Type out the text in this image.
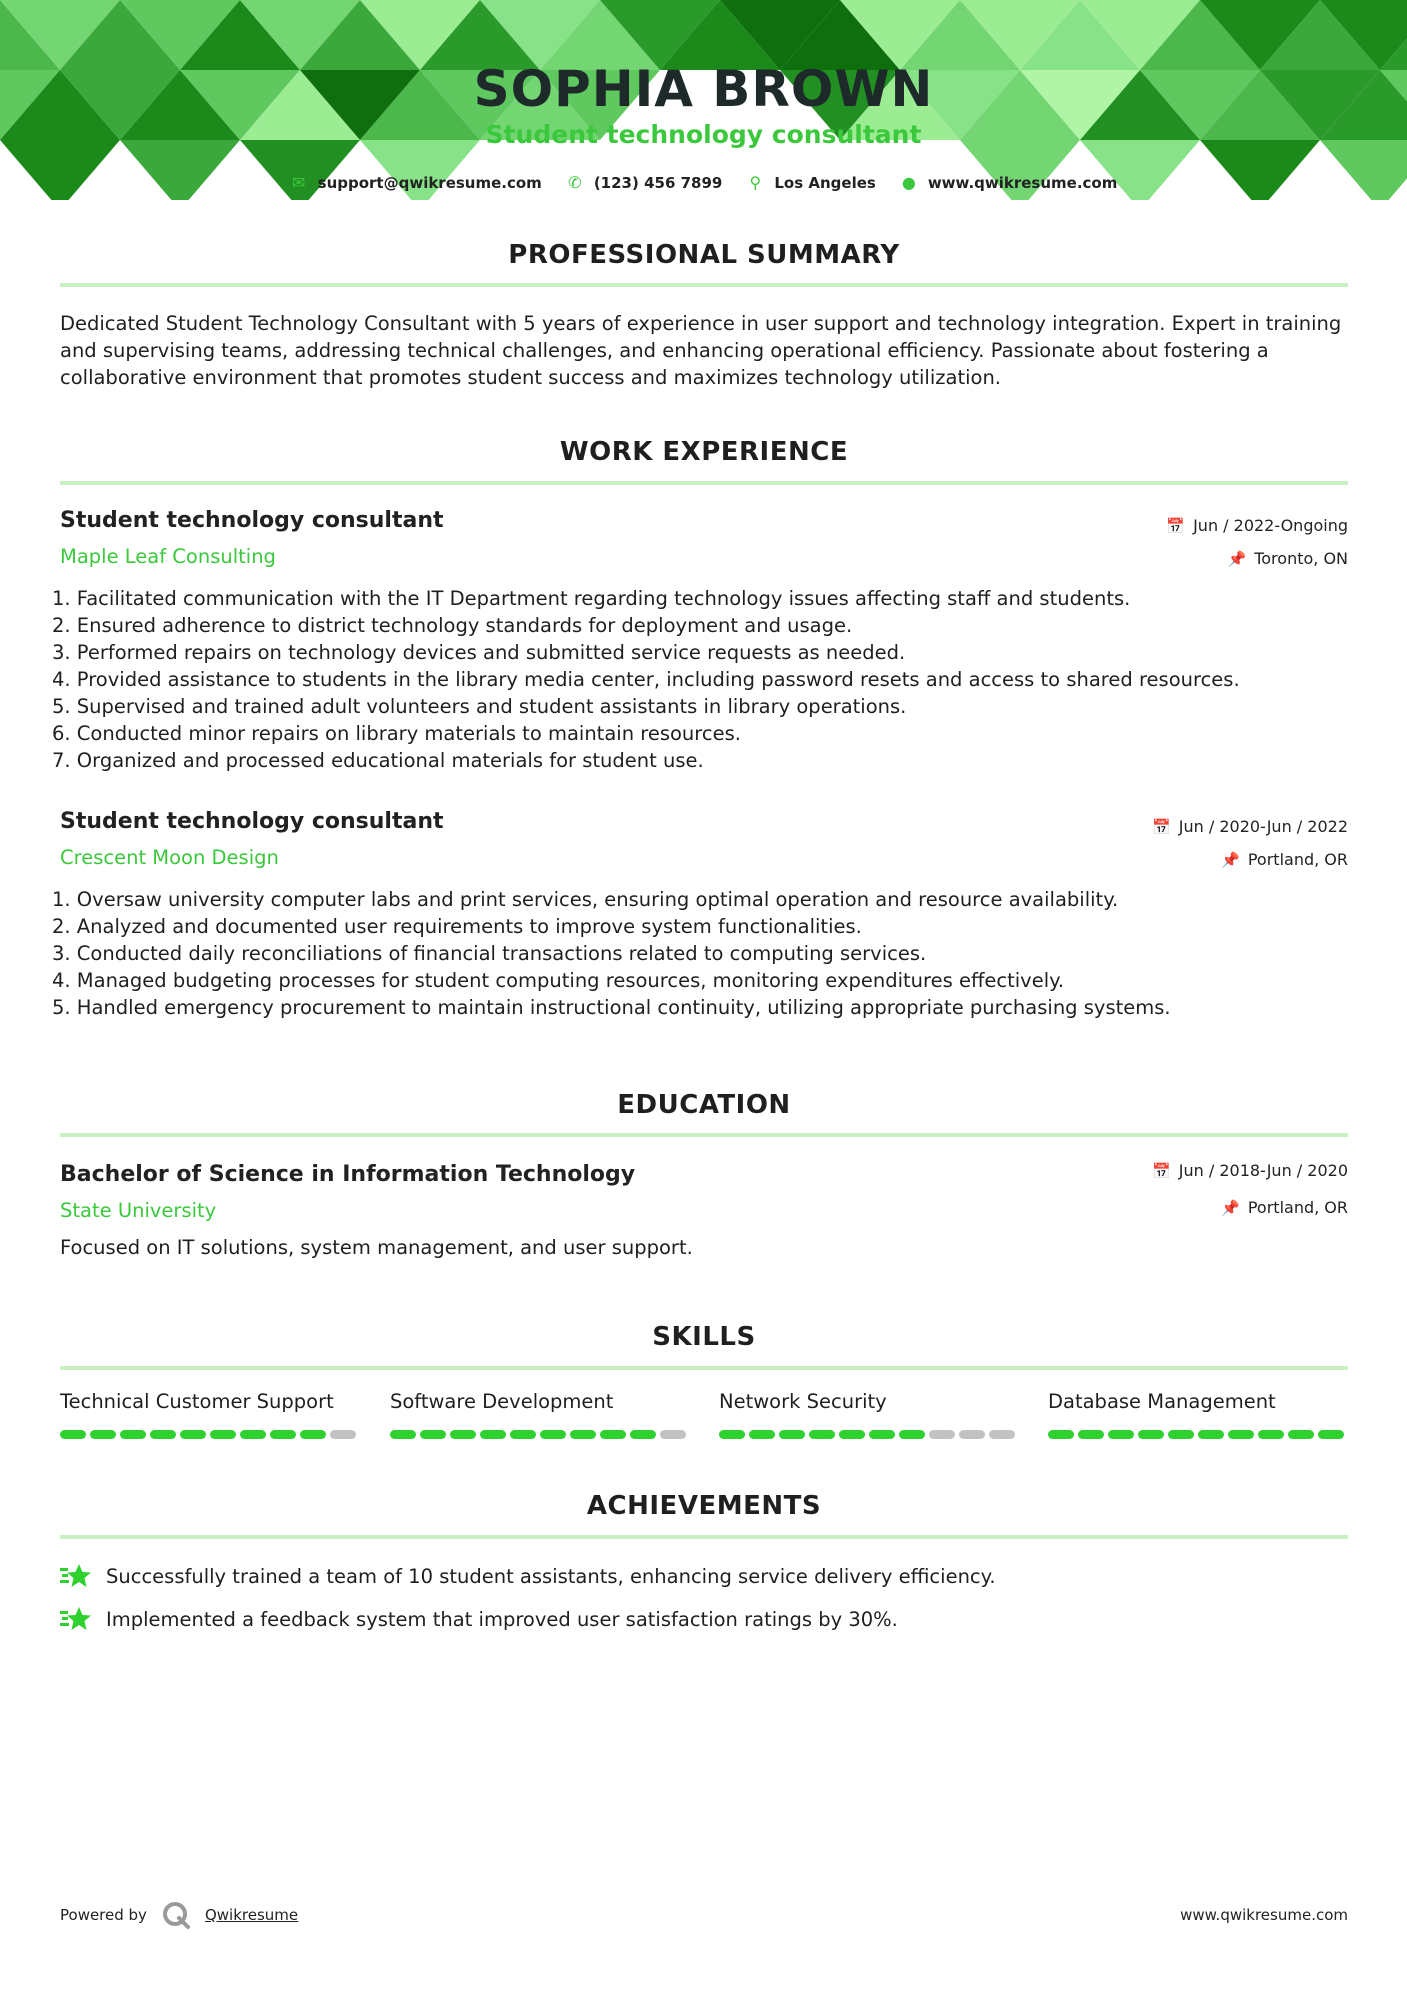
SOPHIA BROWN
Student technology consultant
✉ support@qwikresume.com ✆ (123) 456 7899 ⚲ Los Angeles ● www.qwikresume.com
PROFESSIONAL SUMMARY
Dedicated Student Technology Consultant with 5 years of experience in user support and technology integration. Expert in training and supervising teams, addressing technical challenges, and enhancing operational efficiency. Passionate about fostering a collaborative environment that promotes student success and maximizes technology utilization.
WORK EXPERIENCE
Student technology consultant	📅 Jun / 2022-Ongoing
Maple Leaf Consulting	📌 Toronto, ON
1. Facilitated communication with the IT Department regarding technology issues affecting staff and students.
2. Ensured adherence to district technology standards for deployment and usage.
3. Performed repairs on technology devices and submitted service requests as needed.
4. Provided assistance to students in the library media center, including password resets and access to shared resources.
5. Supervised and trained adult volunteers and student assistants in library operations.
6. Conducted minor repairs on library materials to maintain resources.
7. Organized and processed educational materials for student use.
Student technology consultant	📅 Jun / 2020-Jun / 2022
Crescent Moon Design	📌 Portland, OR
1. Oversaw university computer labs and print services, ensuring optimal operation and resource availability.
2. Analyzed and documented user requirements to improve system functionalities.
3. Conducted daily reconciliations of financial transactions related to computing services.
4. Managed budgeting processes for student computing resources, monitoring expenditures effectively.
5. Handled emergency procurement to maintain instructional continuity, utilizing appropriate purchasing systems.
EDUCATION
Bachelor of Science in Information Technology	📅 Jun / 2018-Jun / 2020
State University	📌 Portland, OR
Focused on IT solutions, system management, and user support.
SKILLS
Technical Customer Support	Software Development	Network Security	Database Management
ACHIEVEMENTS
Successfully trained a team of 10 student assistants, enhancing service delivery efficiency.
Implemented a feedback system that improved user satisfaction ratings by 30%.
Powered by	Qwikresume	www.qwikresume.com
